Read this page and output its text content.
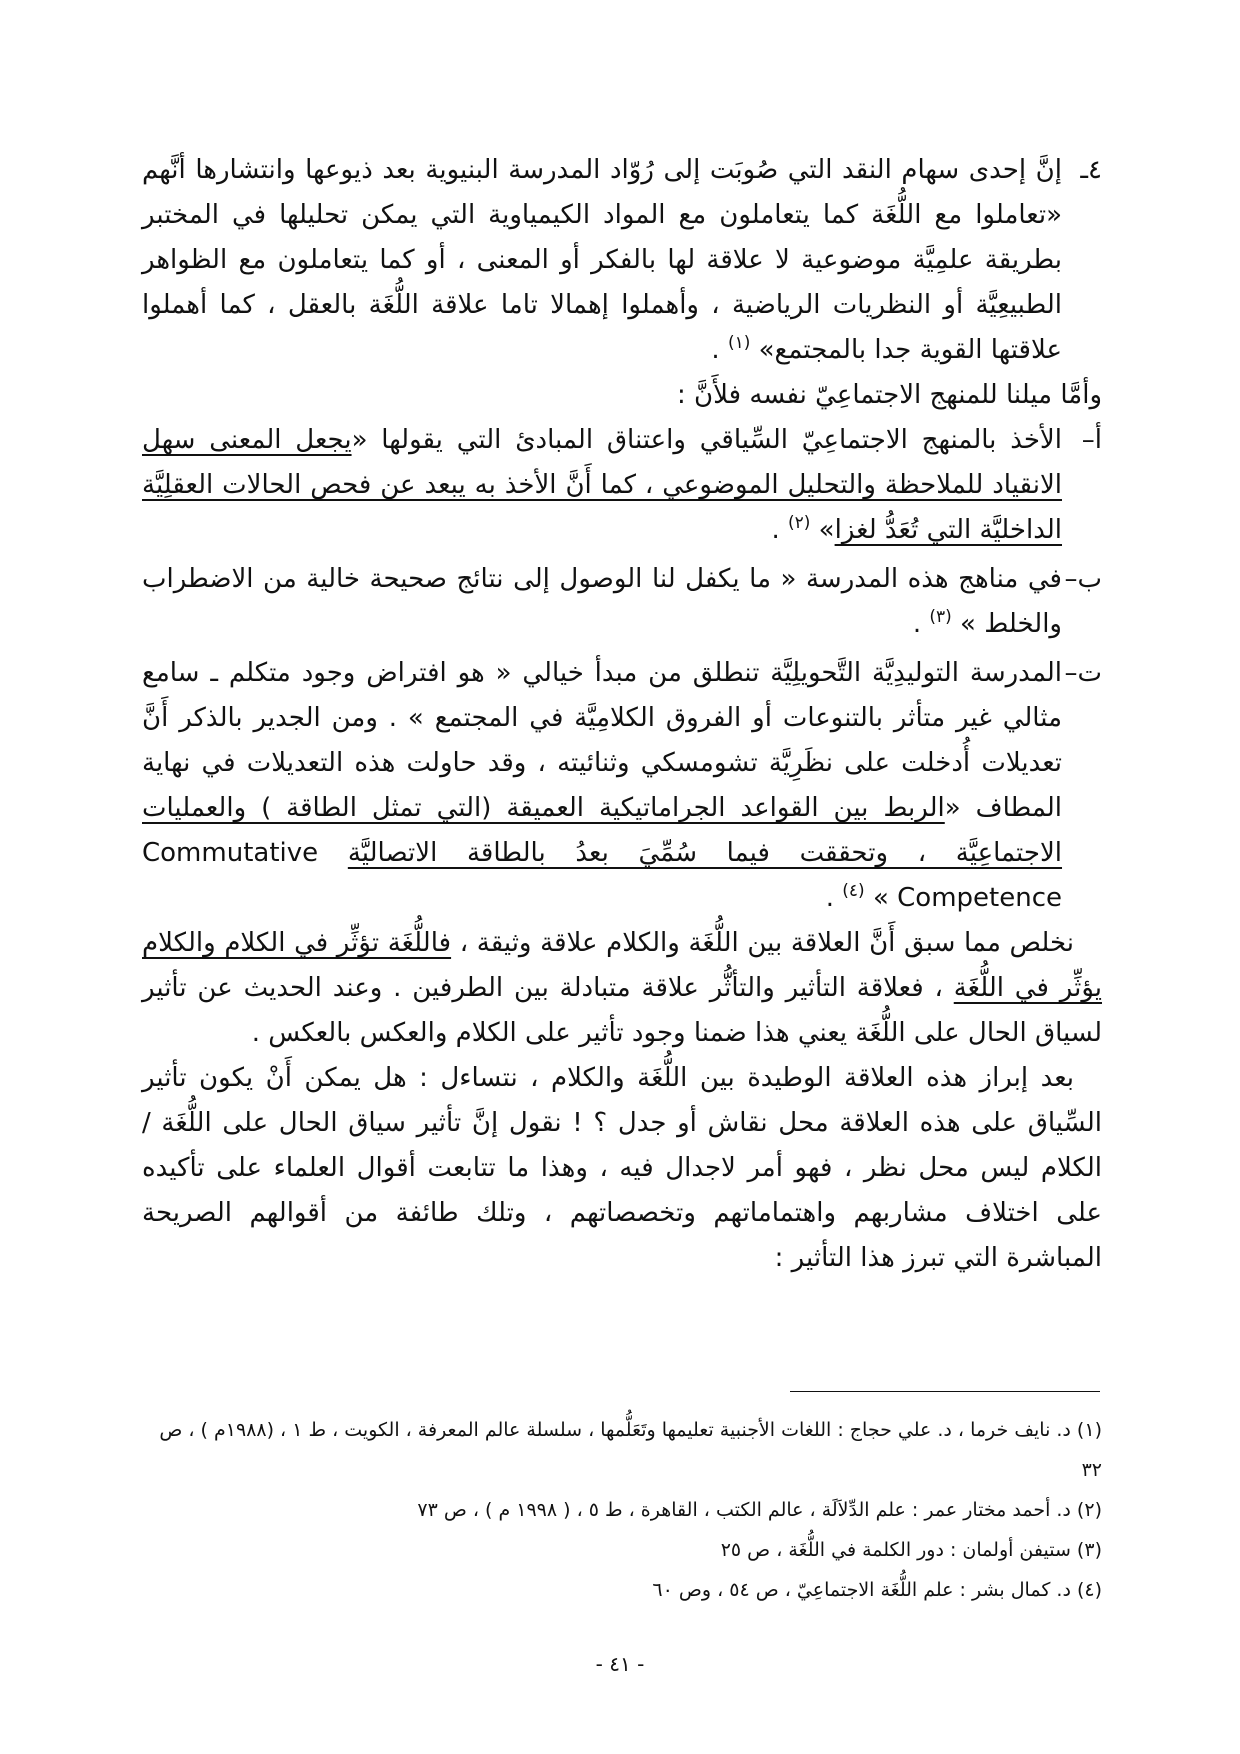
٤ـ
إنَّ إحدى سهام النقد التي صُوبَت إلى رُوّاد المدرسة البنيوية بعد ذيوعها وانتشارها أنَّهم «تعاملوا مع اللُّغَة كما يتعاملون مع المواد الكيمياوية التي يمكن تحليلها في المختبر بطريقة علمِيَّة موضوعية لا علاقة لها بالفكر أو المعنى ، أو كما يتعاملون مع الظواهر الطبيعِيَّة أو النظريات الرياضية ، وأهملوا إهمالا تاما علاقة اللُّغَة بالعقل ، كما أهملوا علاقتها القوية جدا بالمجتمع» $^{(١)}$ .

وأمَّا ميلنا للمنهج الاجتماعِيّ نفسه فلأَنَّ :

أ–
الأخذ بالمنهج الاجتماعِيّ السِّياقي واعتناق المبادئ التي يقولها «يجعل المعنى سهل الانقياد للملاحظة والتحليل الموضوعي ، كما أَنَّ الأخذ به يبعد عن فحص الحالات العقلِيَّة الداخليَّة التي تُعَدُّ لغزا» $^{(٢)}$ .
ب–
في مناهج هذه المدرسة « ما يكفل لنا الوصول إلى نتائج صحيحة خالية من الاضطراب والخلط » $^{(٣)}$ .
ت–
المدرسة التوليدِيَّة التَّحويلِيَّة تنطلق من مبدأ خيالي « هو افتراض وجود متكلم ـ سامع مثالي غير متأثر بالتنوعات أو الفروق الكلامِيَّة في المجتمع » . ومن الجدير بالذكر أَنَّ تعديلات أُدخلت على نظَرِيَّة تشومسكي وثنائيته ، وقد حاولت هذه التعديلات في نهاية المطاف «الربط بين القواعد الجراماتيكية العميقة (التي تمثل الطاقة ) والعمليات الاجتماعِيَّة ، وتحققت فيما سُمِّيَ بعدُ بالطاقة الاتصاليَّة Commutative Competence » $^{(٤)}$ .

نخلص مما سبق أَنَّ العلاقة بين اللُّغَة والكلام علاقة وثيقة ، فاللُّغَة تؤثِّر في الكلام والكلام يؤثِّر في اللُّغَة ، فعلاقة التأثير والتأثُّر علاقة متبادلة بين الطرفين . وعند الحديث عن تأثير لسياق الحال على اللُّغَة يعني هذا ضمنا وجود تأثير على الكلام والعكس بالعكس .

بعد إبراز هذه العلاقة الوطيدة بين اللُّغَة والكلام ، نتساءل : هل يمكن أَنْ يكون تأثير السِّياق على هذه العلاقة محل نقاش أو جدل ؟ ! نقول إنَّ تأثير سياق الحال على اللُّغَة / الكلام ليس محل نظر ، فهو أمر لاجدال فيه ، وهذا ما تتابعت أقوال العلماء على تأكيده على اختلاف مشاربهم واهتماماتهم وتخصصاتهم ، وتلك طائفة من أقوالهم الصريحة المباشرة التي تبرز هذا التأثير :

(١) د. نايف خرما ، د. علي حجاج : اللغات الأجنبية تعليمها وتَعَلُّمها ، سلسلة عالم المعرفة ، الكويت ، ط ١ ، (١٩٨٨م ) ، ص ٣٢

(٢) د. أحمد مختار عمر : علم الدِّلاَلَة ، عالم الكتب ، القاهرة ، ط ٥ ، ( ١٩٩٨ م ) ، ص ٧٣

(٣) ستيفن أولمان : دور الكلمة في اللُّغَة ، ص ٢٥

(٤) د. كمال بشر : علم اللُّغَة الاجتماعِيّ ، ص ٥٤ ، وص ٦٠

- ٤١ -
